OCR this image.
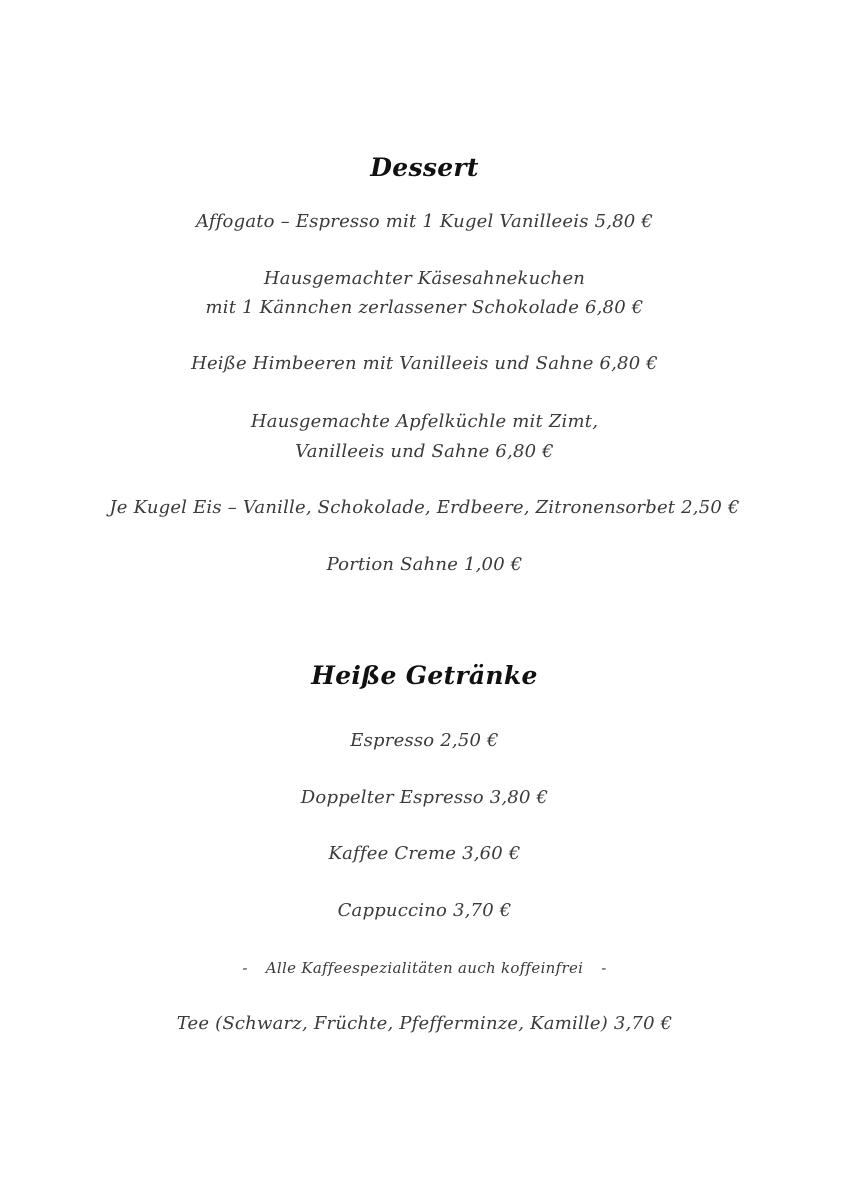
Dessert
Affogato – Espresso mit 1 Kugel Vanilleeis 5,80 €
Hausgemachter Käsesahnekuchen
mit 1 Kännchen zerlassener Schokolade 6,80 €
Heiße Himbeeren mit Vanilleeis und Sahne 6,80 €
Hausgemachte Apfelküchle mit Zimt,
Vanilleeis und Sahne 6,80 €
Je Kugel Eis – Vanille, Schokolade, Erdbeere, Zitronensorbet 2,50 €
Portion Sahne 1,00 €
Heiße Getränke
Espresso 2,50 €
Doppelter Espresso 3,80 €
Kaffee Creme 3,60 €
Cappuccino 3,70 €
- Alle Kaffeespezialitäten auch koffeinfrei -
Tee (Schwarz, Früchte, Pfefferminze, Kamille) 3,70 €
